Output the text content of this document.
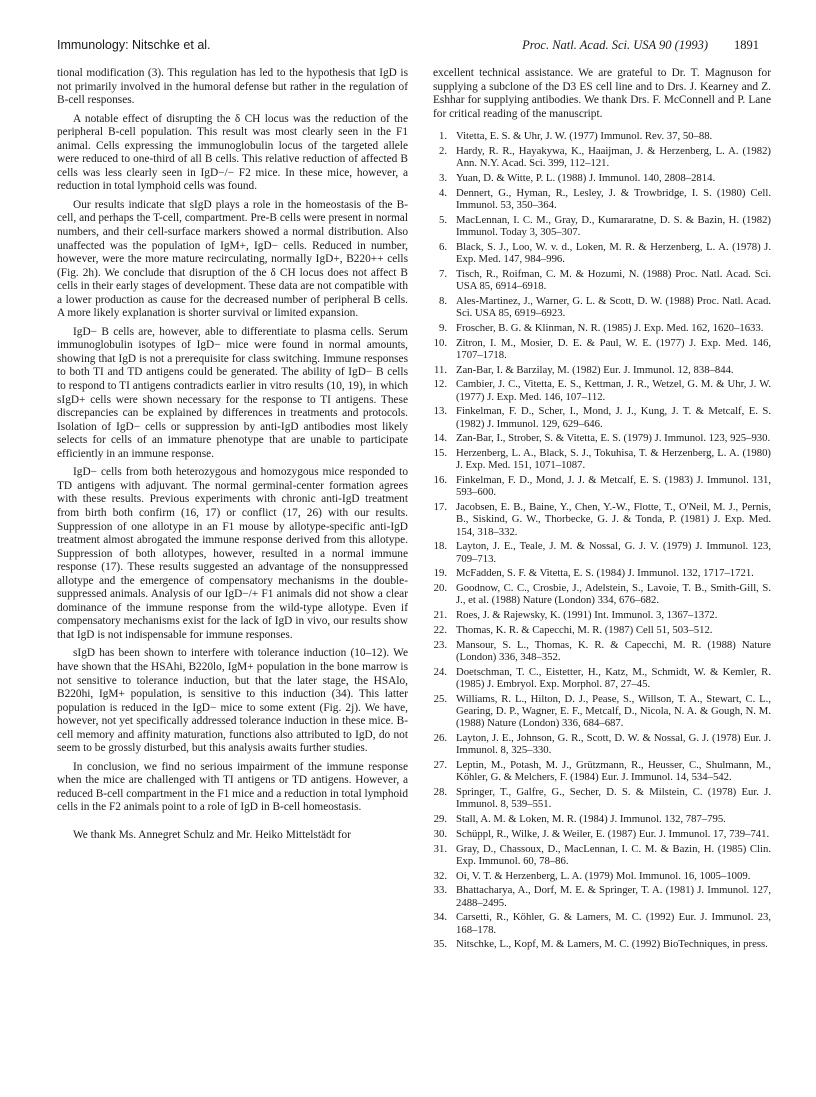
Immunology: Nitschke et al.	Proc. Natl. Acad. Sci. USA 90 (1993) 1891

tional modification (3). This regulation has led to the hypothesis that IgD is not primarily involved in the humoral defense but rather in the regulation of B-cell responses.

A notable effect of disrupting the δ CH locus was the reduction of the peripheral B-cell population. This result was most clearly seen in the F1 animal. Cells expressing the immunoglobulin locus of the targeted allele were reduced to one-third of all B cells. This relative reduction of affected B cells was less clearly seen in IgD−/− F2 mice. In these mice, however, a reduction in total lymphoid cells was found.

Our results indicate that sIgD plays a role in the homeostasis of the B-cell, and perhaps the T-cell, compartment. Pre-B cells were present in normal numbers, and their cell-surface markers showed a normal distribution. Also unaffected was the population of IgM+, IgD− cells. Reduced in number, however, were the more mature recirculating, normally IgD+, B220++ cells (Fig. 2h). We conclude that disruption of the δ CH locus does not affect B cells in their early stages of development. These data are not compatible with a lower production as cause for the decreased number of peripheral B cells. A more likely explanation is shorter survival or limited expansion.

IgD− B cells are, however, able to differentiate to plasma cells. Serum immunoglobulin isotypes of IgD− mice were found in normal amounts, showing that IgD is not a prerequisite for class switching. Immune responses to both TI and TD antigens could be generated. The ability of IgD− B cells to respond to TI antigens contradicts earlier in vitro results (10, 19), in which sIgD+ cells were shown necessary for the response to TI antigens. These discrepancies can be explained by differences in treatments and protocols. Isolation of IgD− cells or suppression by anti-IgD antibodies most likely selects for cells of an immature phenotype that are unable to participate efficiently in an immune response.

IgD− cells from both heterozygous and homozygous mice responded to TD antigens with adjuvant. The normal germinal-center formation agrees with these results. Previous experiments with chronic anti-IgD treatment from birth both confirm (16, 17) or conflict (17, 26) with our results. Suppression of one allotype in an F1 mouse by allotype-specific anti-IgD treatment almost abrogated the immune response derived from this allotype. Suppression of both allotypes, however, resulted in a normal immune response (17). These results suggested an advantage of the nonsuppressed allotype and the emergence of compensatory mechanisms in the double-suppressed animals. Analysis of our IgD−/+ F1 animals did not show a clear dominance of the immune response from the wild-type allotype. Even if compensatory mechanisms exist for the lack of IgD in vivo, our results show that IgD is not indispensable for immune responses.

sIgD has been shown to interfere with tolerance induction (10–12). We have shown that the HSAhi, B220lo, IgM+ population in the bone marrow is not sensitive to tolerance induction, but that the later stage, the HSAlo, B220hi, IgM+ population, is sensitive to this induction (34). This latter population is reduced in the IgD− mice to some extent (Fig. 2j). We have, however, not yet specifically addressed tolerance induction in these mice. B-cell memory and affinity maturation, functions also attributed to IgD, do not seem to be grossly disturbed, but this analysis awaits further studies.

In conclusion, we find no serious impairment of the immune response when the mice are challenged with TI antigens or TD antigens. However, a reduced B-cell compartment in the F1 mice and a reduction in total lymphoid cells in the F2 animals point to a role of IgD in B-cell homeostasis.

We thank Ms. Annegret Schulz and Mr. Heiko Mittelstädt for

excellent technical assistance. We are grateful to Dr. T. Magnuson for supplying a subclone of the D3 ES cell line and to Drs. J. Kearney and Z. Eshhar for supplying antibodies. We thank Drs. F. McConnell and P. Lane for critical reading of the manuscript.

1. Vitetta, E. S. & Uhr, J. W. (1977) Immunol. Rev. 37, 50–88.
2. Hardy, R. R., Hayakywa, K., Haaijman, J. & Herzenberg, L. A. (1982) Ann. N.Y. Acad. Sci. 399, 112–121.
3. Yuan, D. & Witte, P. L. (1988) J. Immunol. 140, 2808–2814.
4. Dennert, G., Hyman, R., Lesley, J. & Trowbridge, I. S. (1980) Cell. Immunol. 53, 350–364.
5. MacLennan, I. C. M., Gray, D., Kumararatne, D. S. & Bazin, H. (1982) Immunol. Today 3, 305–307.
6. Black, S. J., Loo, W. v. d., Loken, M. R. & Herzenberg, L. A. (1978) J. Exp. Med. 147, 984–996.
7. Tisch, R., Roifman, C. M. & Hozumi, N. (1988) Proc. Natl. Acad. Sci. USA 85, 6914–6918.
8. Ales-Martinez, J., Warner, G. L. & Scott, D. W. (1988) Proc. Natl. Acad. Sci. USA 85, 6919–6923.
9. Froscher, B. G. & Klinman, N. R. (1985) J. Exp. Med. 162, 1620–1633.
10. Zitron, I. M., Mosier, D. E. & Paul, W. E. (1977) J. Exp. Med. 146, 1707–1718.
11. Zan-Bar, I. & Barzilay, M. (1982) Eur. J. Immunol. 12, 838–844.
12. Cambier, J. C., Vitetta, E. S., Kettman, J. R., Wetzel, G. M. & Uhr, J. W. (1977) J. Exp. Med. 146, 107–112.
13. Finkelman, F. D., Scher, I., Mond, J. J., Kung, J. T. & Metcalf, E. S. (1982) J. Immunol. 129, 629–646.
14. Zan-Bar, I., Strober, S. & Vitetta, E. S. (1979) J. Immunol. 123, 925–930.
15. Herzenberg, L. A., Black, S. J., Tokuhisa, T. & Herzenberg, L. A. (1980) J. Exp. Med. 151, 1071–1087.
16. Finkelman, F. D., Mond, J. J. & Metcalf, E. S. (1983) J. Immunol. 131, 593–600.
17. Jacobsen, E. B., Baine, Y., Chen, Y.-W., Flotte, T., O'Neil, M. J., Pernis, B., Siskind, G. W., Thorbecke, G. J. & Tonda, P. (1981) J. Exp. Med. 154, 318–332.
18. Layton, J. E., Teale, J. M. & Nossal, G. J. V. (1979) J. Immunol. 123, 709–713.
19. McFadden, S. F. & Vitetta, E. S. (1984) J. Immunol. 132, 1717–1721.
20. Goodnow, C. C., Crosbie, J., Adelstein, S., Lavoie, T. B., Smith-Gill, S. J., et al. (1988) Nature (London) 334, 676–682.
21. Roes, J. & Rajewsky, K. (1991) Int. Immunol. 3, 1367–1372.
22. Thomas, K. R. & Capecchi, M. R. (1987) Cell 51, 503–512.
23. Mansour, S. L., Thomas, K. R. & Capecchi, M. R. (1988) Nature (London) 336, 348–352.
24. Doetschman, T. C., Eistetter, H., Katz, M., Schmidt, W. & Kemler, R. (1985) J. Embryol. Exp. Morphol. 87, 27–45.
25. Williams, R. L., Hilton, D. J., Pease, S., Willson, T. A., Stewart, C. L., Gearing, D. P., Wagner, E. F., Metcalf, D., Nicola, N. A. & Gough, N. M. (1988) Nature (London) 336, 684–687.
26. Layton, J. E., Johnson, G. R., Scott, D. W. & Nossal, G. J. (1978) Eur. J. Immunol. 8, 325–330.
27. Leptin, M., Potash, M. J., Grützmann, R., Heusser, C., Shulmann, M., Köhler, G. & Melchers, F. (1984) Eur. J. Immunol. 14, 534–542.
28. Springer, T., Galfre, G., Secher, D. S. & Milstein, C. (1978) Eur. J. Immunol. 8, 539–551.
29. Stall, A. M. & Loken, M. R. (1984) J. Immunol. 132, 787–795.
30. Schüppl, R., Wilke, J. & Weiler, E. (1987) Eur. J. Immunol. 17, 739–741.
31. Gray, D., Chassoux, D., MacLennan, I. C. M. & Bazin, H. (1985) Clin. Exp. Immunol. 60, 78–86.
32. Oi, V. T. & Herzenberg, L. A. (1979) Mol. Immunol. 16, 1005–1009.
33. Bhattacharya, A., Dorf, M. E. & Springer, T. A. (1981) J. Immunol. 127, 2488–2495.
34. Carsetti, R., Köhler, G. & Lamers, M. C. (1992) Eur. J. Immunol. 23, 168–178.
35. Nitschke, L., Kopf, M. & Lamers, M. C. (1992) BioTechniques, in press.
